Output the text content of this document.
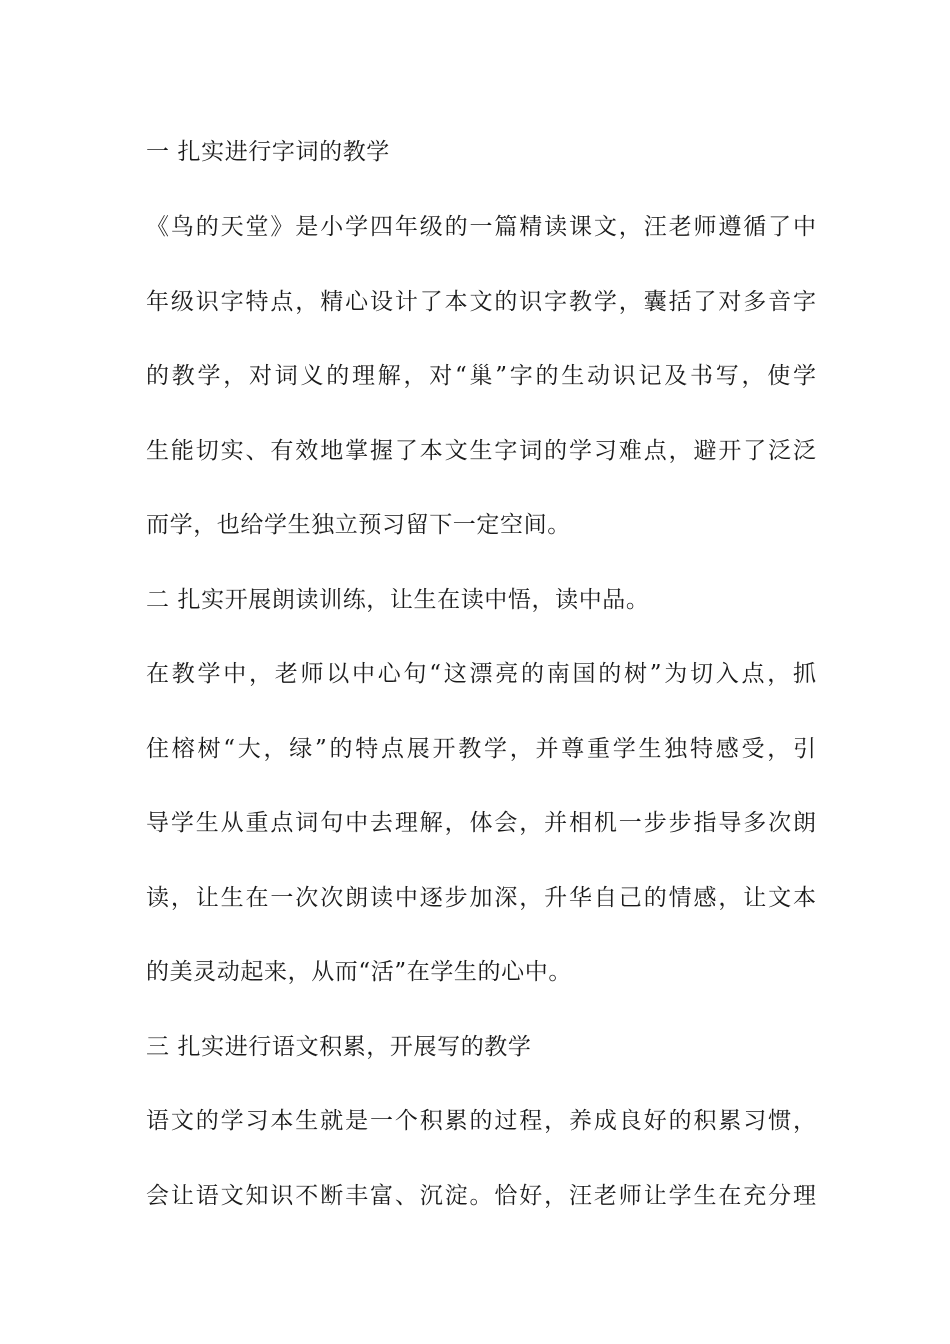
一 扎实进行字词的教学
《鸟的天堂》是小学四年级的一篇精读课文，汪老师遵循了中
年级识字特点，精心设计了本文的识字教学，囊括了对多音字
的教学，对词义的理解，对“巢”字的生动识记及书写，使学
生能切实、有效地掌握了本文生字词的学习难点，避开了泛泛
而学，也给学生独立预习留下一定空间。
二 扎实开展朗读训练，让生在读中悟，读中品。
在教学中，老师以中心句“这漂亮的南国的树”为切入点，抓
住榕树“大，绿”的特点展开教学，并尊重学生独特感受，引
导学生从重点词句中去理解，体会，并相机一步步指导多次朗
读，让生在一次次朗读中逐步加深，升华自己的情感，让文本
的美灵动起来，从而“活”在学生的心中。
三 扎实进行语文积累，开展写的教学
语文的学习本生就是一个积累的过程，养成良好的积累习惯，
会让语文知识不断丰富、沉淀。恰好，汪老师让学生在充分理
